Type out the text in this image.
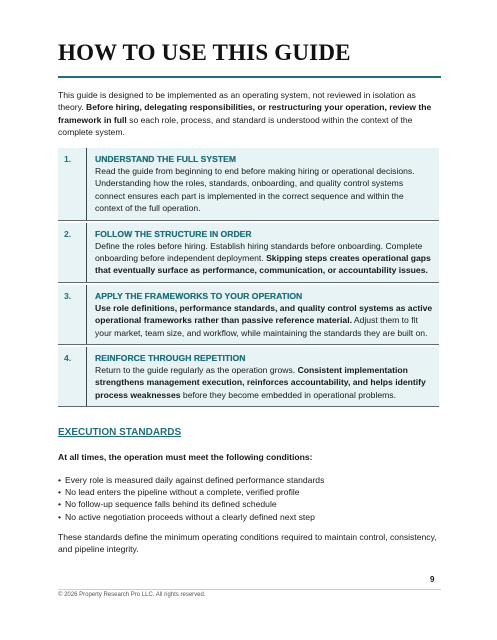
HOW TO USE THIS GUIDE

This guide is designed to be implemented as an operating system, not reviewed in isolation as theory. Before hiring, delegating responsibilities, or restructuring your operation, review the framework in full so each role, process, and standard is understood within the context of the complete system.

1.	UNDERSTAND THE FULL SYSTEM
Read the guide from beginning to end before making hiring or operational decisions. Understanding how the roles, standards, onboarding, and quality control systems connect ensures each part is implemented in the correct sequence and within the context of the full operation.
2.	FOLLOW THE STRUCTURE IN ORDER
Define the roles before hiring. Establish hiring standards before onboarding. Complete onboarding before independent deployment. Skipping steps creates operational gaps that eventually surface as performance, communication, or accountability issues.
3.	APPLY THE FRAMEWORKS TO YOUR OPERATION
Use role definitions, performance standards, and quality control systems as active operational frameworks rather than passive reference material. Adjust them to fit your market, team size, and workflow, while maintaining the standards they are built on.
4.	REINFORCE THROUGH REPETITION
Return to the guide regularly as the operation grows. Consistent implementation strengthens management execution, reinforces accountability, and helps identify process weaknesses before they become embedded in operational problems.
EXECUTION STANDARDS

At all times, the operation must meet the following conditions:

• Every role is measured daily against defined performance standards
• No lead enters the pipeline without a complete, verified profile
• No follow-up sequence falls behind its defined schedule
• No active negotiation proceeds without a clearly defined next step

These standards define the minimum operating conditions required to maintain control, consistency, and pipeline integrity.

9
© 2026 Property Research Pro LLC. All rights reserved.
